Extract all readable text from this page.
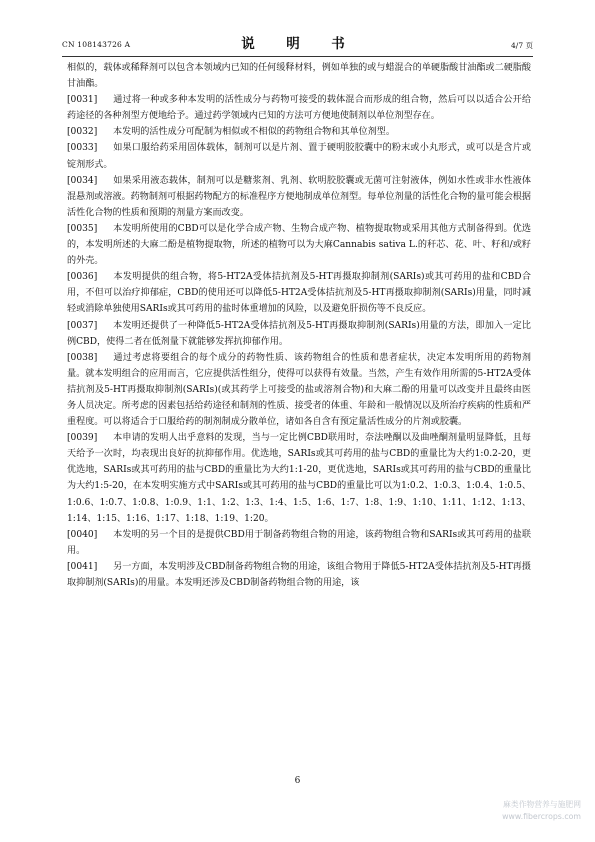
CN 108143726 A	说　明　书	4/7 页

相似的，载体或稀释剂可以包含本领域内已知的任何缓释材料，例如单独的或与蜡混合的单硬脂酸甘油酯或二硬脂酸甘油酯。

[0031] 通过将一种或多种本发明的活性成分与药物可接受的载体混合而形成的组合物，然后可以以适合公开给药途径的各种剂型方便地给予。通过药学领域内已知的方法可方便地使制剂以单位剂型存在。

[0032] 本发明的活性成分可配制为相似或不相似的药物组合物和其单位剂型。

[0033] 如果口服给药采用固体载体，制剂可以是片剂、置于硬明胶胶囊中的粉末或小丸形式，或可以是含片或锭剂形式。

[0034] 如果采用液态载体，制剂可以是糖浆剂、乳剂、软明胶胶囊或无菌可注射液体，例如水性或非水性液体混悬剂或溶液。药物制剂可根据药物配方的标准程序方便地制成单位剂型。每单位剂量的活性化合物的量可能会根据活性化合物的性质和预期的剂量方案而改变。

[0035] 本发明所使用的CBD可以是化学合成产物、生物合成产物、植物提取物或采用其他方式制备得到。优选的，本发明所述的大麻二酚是植物提取物，所述的植物可以为大麻Cannabis sativa L.的秆芯、花、叶、籽和/或籽的外壳。

[0036] 本发明提供的组合物，将5-HT2A受体拮抗剂及5-HT再摄取抑制剂(SARIs)或其可药用的盐和CBD合用，不但可以治疗抑郁症，CBD的使用还可以降低5-HT2A受体拮抗剂及5-HT再摄取抑制剂(SARIs)用量，同时减轻或消除单独使用SARIs或其可药用的盐时体重增加的风险，以及避免肝损伤等不良反应。

[0037] 本发明还提供了一种降低5-HT2A受体拮抗剂及5-HT再摄取抑制剂(SARIs)用量的方法，即加入一定比例CBD，使得二者在低剂量下就能够发挥抗抑郁作用。

[0038] 通过考虑将要组合的每个成分的药物性质、该药物组合的性质和患者症状，决定本发明所用的药物剂量。就本发明组合的应用而言，它应提供活性组分，使得可以获得有效量。当然，产生有效作用所需的5-HT2A受体拮抗剂及5-HT再摄取抑制剂(SARIs)(或其药学上可接受的盐或溶剂合物)和大麻二酚的用量可以改变并且最终由医务人员决定。所考虑的因素包括给药途径和制剂的性质、接受者的体重、年龄和一般情况以及所治疗疾病的性质和严重程度。可以将适合于口服给药的制剂制成分散单位，诸如各自含有预定量活性成分的片剂或胶囊。

[0039] 本申请的发明人出乎意料的发现，当与一定比例CBD联用时，奈法唑酮以及曲唑酮剂量明显降低，且每天给予一次时，均表现出良好的抗抑郁作用。优选地，SARIs或其可药用的盐与CBD的重量比为大约1:0.2-20，更优选地，SARIs或其可药用的盐与CBD的重量比为大约1:1-20，更优选地，SARIs或其可药用的盐与CBD的重量比为大约1:5-20，在本发明实施方式中SARIs或其可药用的盐与CBD的重量比可以为1:0.2、1:0.3、1:0.4、1:0.5、1:0.6、1:0.7、1:0.8、1:0.9、1:1、1:2、1:3、1:4、1:5、1:6、1:7、1:8、1:9、1:10、1:11、1:12、1:13、1:14、1:15、1:16、1:17、1:18、1:19、1:20。

[0040] 本发明的另一个目的是提供CBD用于制备药物组合物的用途，该药物组合物和SARIs或其可药用的盐联用。

[0041] 另一方面，本发明涉及CBD制备药物组合物的用途，该组合物用于降低5-HT2A受体拮抗剂及5-HT再摄取抑制剂(SARIs)的用量。本发明还涉及CBD制备药物组合物的用途，该

6
麻类作物营养与施肥网
www.fibercrops.com
